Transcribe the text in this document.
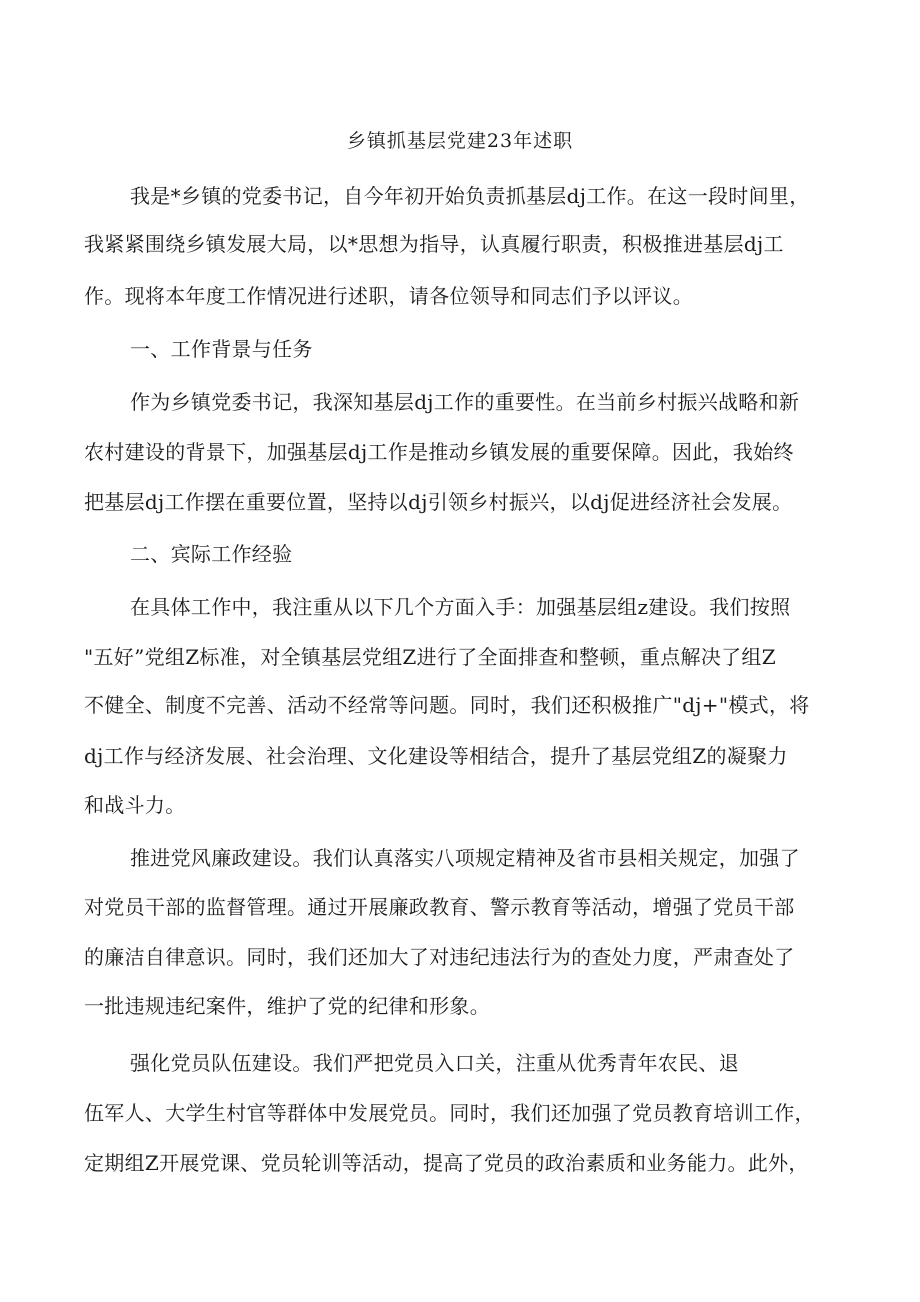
乡镇抓基层党建23年述职
我是*乡镇的党委书记，自今年初开始负责抓基层dj工作。在这一段时间里，
我紧紧围绕乡镇发展大局，以*思想为指导，认真履行职责，积极推进基层dj工
作。现将本年度工作情况进行述职，请各位领导和同志们予以评议。
一、工作背景与任务
作为乡镇党委书记，我深知基层dj工作的重要性。在当前乡村振兴战略和新
农村建设的背景下，加强基层dj工作是推动乡镇发展的重要保障。因此，我始终
把基层dj工作摆在重要位置，坚持以dj引领乡村振兴，以dj促进经济社会发展。
二、宾际工作经验
在具体工作中，我注重从以下几个方面入手：加强基层组z建设。我们按照
"五好”党组Z标准，对全镇基层党组Z进行了全面排查和整顿，重点解决了组Z
不健全、制度不完善、活动不经常等问题。同时，我们还积极推广"dj+"模式，将
dj工作与经济发展、社会治理、文化建设等相结合，提升了基层党组Z的凝聚力
和战斗力。
推进党风廉政建设。我们认真落实八项规定精神及省市县相关规定，加强了
对党员干部的监督管理。通过开展廉政教育、警示教育等活动，增强了党员干部
的廉洁自律意识。同时，我们还加大了对违纪违法行为的查处力度，严肃查处了
一批违规违纪案件，维护了党的纪律和形象。
强化党员队伍建设。我们严把党员入口关，注重从优秀青年农民、退
伍军人、大学生村官等群体中发展党员。同时，我们还加强了党员教育培训工作，
定期组Z开展党课、党员轮训等活动，提高了党员的政治素质和业务能力。此外，
